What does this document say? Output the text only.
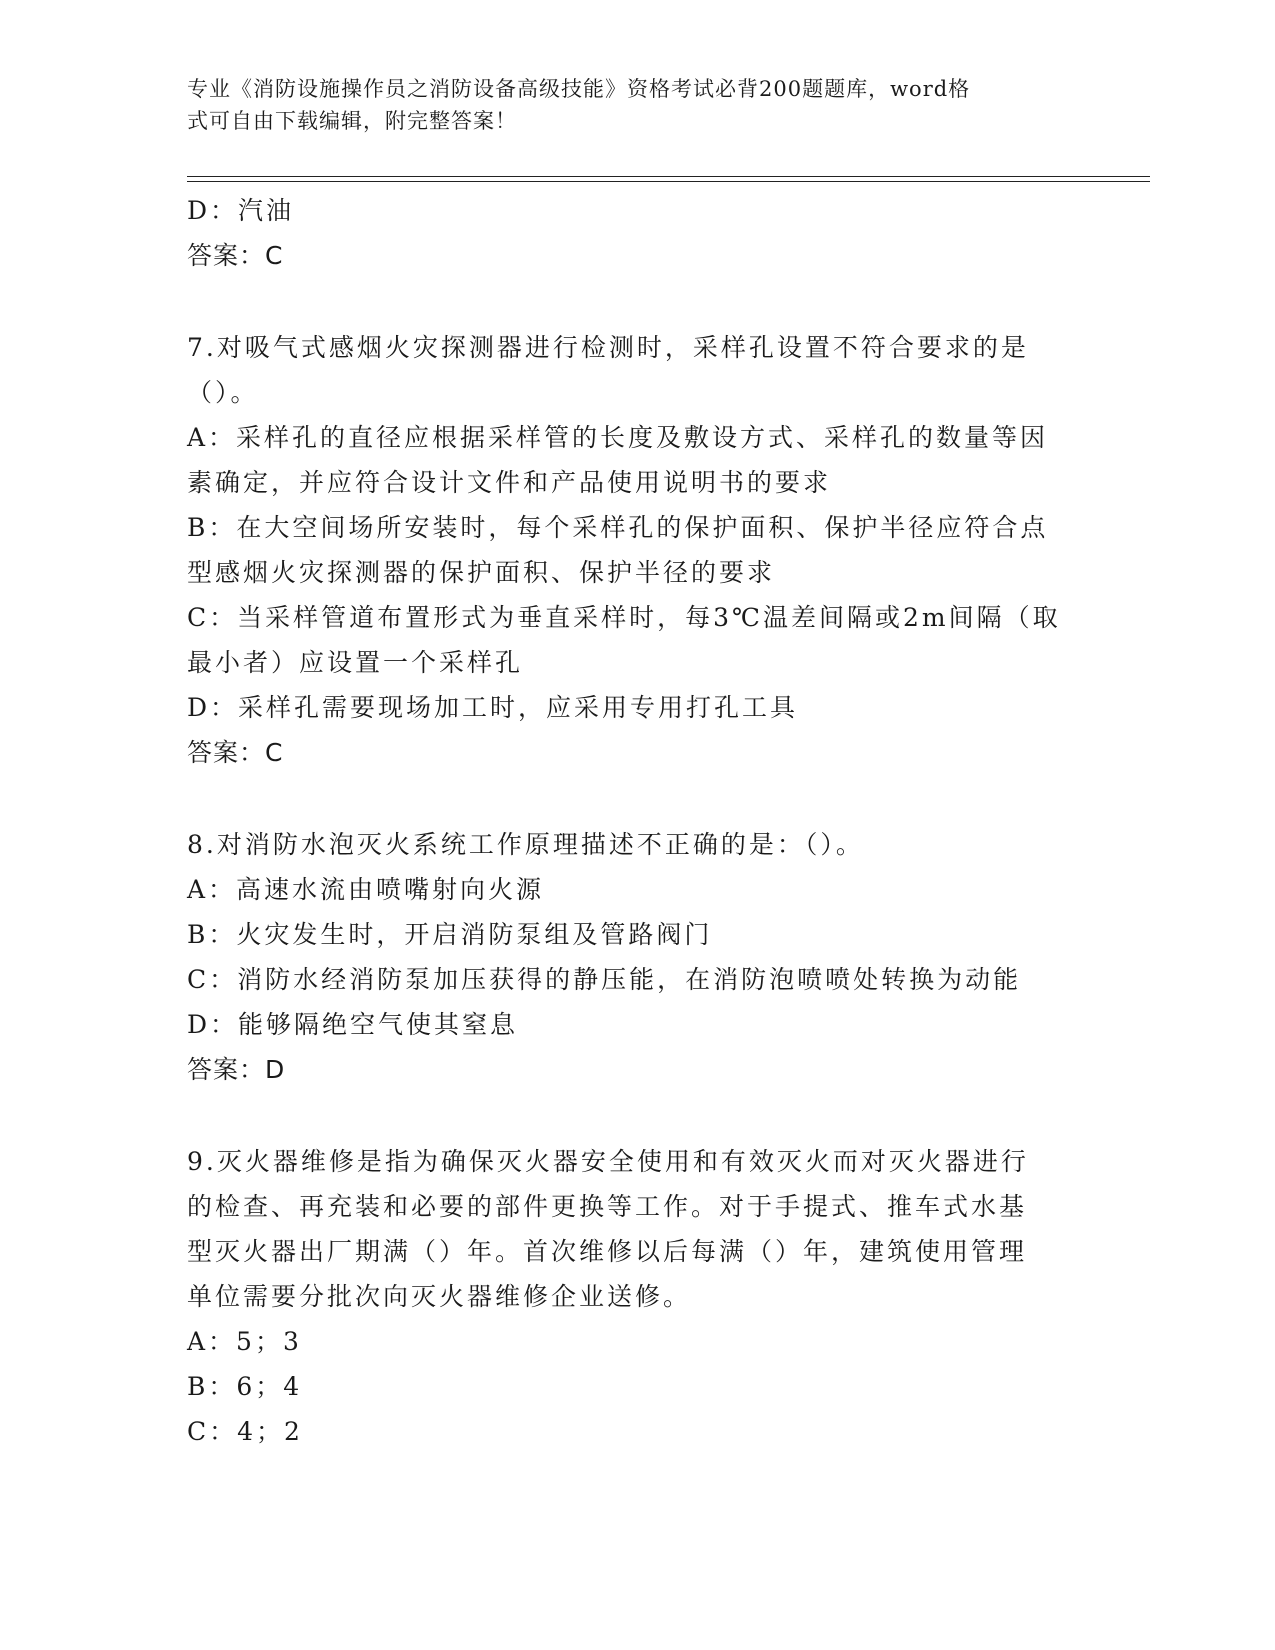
专业《消防设施操作员之消防设备高级技能》资格考试必背200题题库，word格
式可自由下载编辑，附完整答案！
D：汽油
答案：C
7.对吸气式感烟火灾探测器进行检测时，采样孔设置不符合要求的是
（）。
A：采样孔的直径应根据采样管的长度及敷设方式、采样孔的数量等因
素确定，并应符合设计文件和产品使用说明书的要求
B：在大空间场所安装时，每个采样孔的保护面积、保护半径应符合点
型感烟火灾探测器的保护面积、保护半径的要求
C：当采样管道布置形式为垂直采样时，每3℃温差间隔或2m间隔（取
最小者）应设置一个采样孔
D：采样孔需要现场加工时，应采用专用打孔工具
答案：C
8.对消防水泡灭火系统工作原理描述不正确的是：（）。
A：高速水流由喷嘴射向火源
B：火灾发生时，开启消防泵组及管路阀门
C：消防水经消防泵加压获得的静压能，在消防泡喷喷处转换为动能
D：能够隔绝空气使其窒息
答案：D
9.灭火器维修是指为确保灭火器安全使用和有效灭火而对灭火器进行
的检查、再充装和必要的部件更换等工作。对于手提式、推车式水基
型灭火器出厂期满（）年。首次维修以后每满（）年，建筑使用管理
单位需要分批次向灭火器维修企业送修。
A：5；3
B：6；4
C：4；2
